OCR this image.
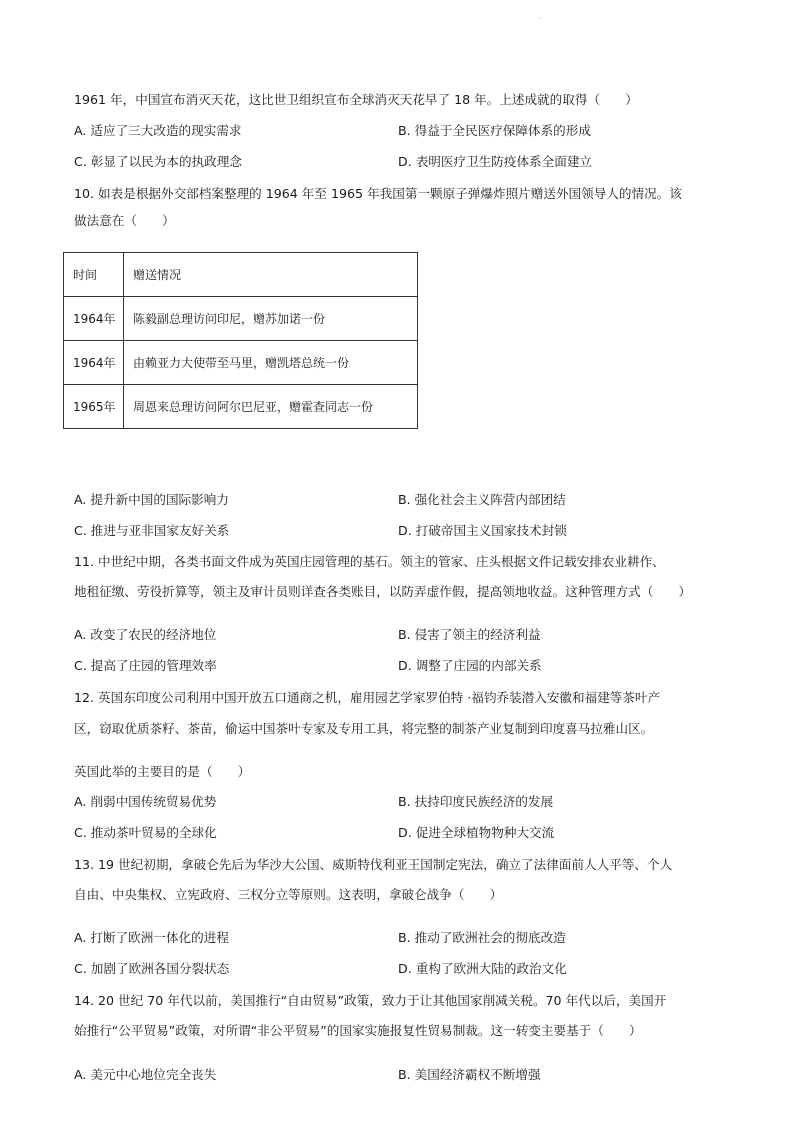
·
1961 年，中国宣布消灭天花，这比世卫组织宣布全球消灭天花早了 18 年。上述成就的取得（　　）
A. 适应了三大改造的现实需求	B. 得益于全民医疗保障体系的形成
C. 彰显了以民为本的执政理念	D. 表明医疗卫生防疫体系全面建立
10. 如表是根据外交部档案整理的 1964 年至 1965 年我国第一颗原子弹爆炸照片赠送外国领导人的情况。该
做法意在（　　）
时间	赠送情况
1964年	陈毅副总理访问印尼，赠苏加诺一份
1964年	由赖亚力大使带至马里，赠凯塔总统一份
1965年	周恩来总理访问阿尔巴尼亚，赠霍查同志一份
A. 提升新中国的国际影响力	B. 强化社会主义阵营内部团结
C. 推进与亚非国家友好关系	D. 打破帝国主义国家技术封锁
11. 中世纪中期，各类书面文件成为英国庄园管理的基石。领主的管家、庄头根据文件记载安排农业耕作、
地租征缴、劳役折算等，领主及审计员则详查各类账目，以防弄虚作假，提高领地收益。这种管理方式（　　）
A. 改变了农民的经济地位	B. 侵害了领主的经济利益
C. 提高了庄园的管理效率	D. 调整了庄园的内部关系
12. 英国东印度公司利用中国开放五口通商之机，雇用园艺学家罗伯特 ·福钧乔装潜入安徽和福建等茶叶产
区，窃取优质茶籽、茶苗，偷运中国茶叶专家及专用工具，将完整的制茶产业复制到印度喜马拉雅山区。
英国此举的主要目的是（　　）
A. 削弱中国传统贸易优势	B. 扶持印度民族经济的发展
C. 推动茶叶贸易的全球化	D. 促进全球植物物种大交流
13. 19 世纪初期，拿破仑先后为华沙大公国、威斯特伐利亚王国制定宪法，确立了法律面前人人平等、个人
自由、中央集权、立宪政府、三权分立等原则。这表明，拿破仑战争（　　）
A. 打断了欧洲一体化的进程	B. 推动了欧洲社会的彻底改造
C. 加剧了欧洲各国分裂状态	D. 重构了欧洲大陆的政治文化
14. 20 世纪 70 年代以前，美国推行“自由贸易”政策，致力于让其他国家削减关税。70 年代以后，美国开
始推行“公平贸易”政策，对所谓“非公平贸易”的国家实施报复性贸易制裁。这一转变主要基于（　　）
A. 美元中心地位完全丧失	B. 美国经济霸权不断增强
